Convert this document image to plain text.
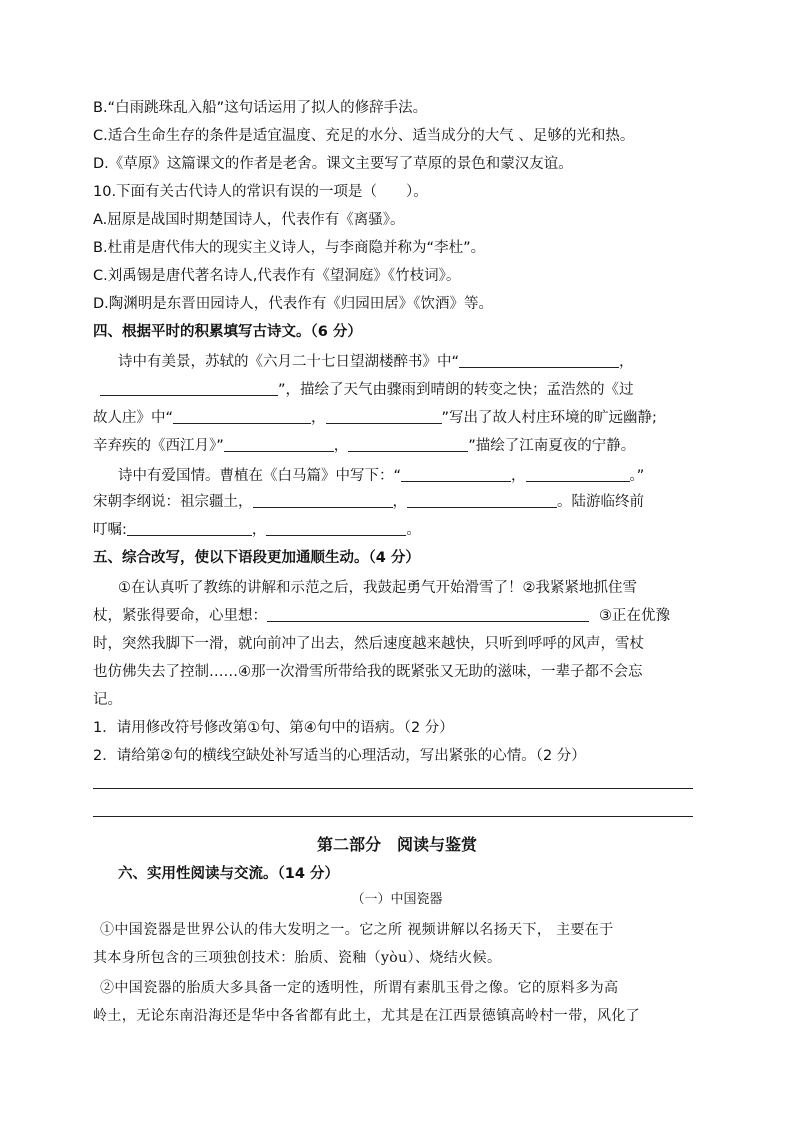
B.“白雨跳珠乱入船”这句话运用了拟人的修辞手法。
C.适合生命生存的条件是适宜温度、充足的水分、适当成分的大气 、足够的光和热。
D.《草原》这篇课文的作者是老舍。课文主要写了草原的景色和蒙汉友谊。
10.下面有关古代诗人的常识有误的一项是（　　）。
A.屈原是战国时期楚国诗人，代表作有《离骚》。
B.杜甫是唐代伟大的现实主义诗人，与李商隐并称为“李杜”。
C.刘禹锡是唐代著名诗人,代表作有《望洞庭》《竹枝词》。
D.陶渊明是东晋田园诗人，代表作有《归园田居》《饮酒》等。
四、根据平时的积累填写古诗文。（6 分）
诗中有美景，苏轼的《六月二十七日望湖楼醉书》中“	，
”，描绘了天气由骤雨到晴朗的转变之快；孟浩然的《过
故人庄》中“	，	”写出了故人村庄环境的旷远幽静;
辛弃疾的《西江月》”	，	”描绘了江南夏夜的宁静。
诗中有爱国情。曹植在《白马篇》中写下：“	，	。”
宋朝李纲说：祖宗疆土，	，	。陆游临终前
叮嘱:	，	。
五、综合改写，使以下语段更加通顺生动。（4 分）
①在认真听了教练的讲解和示范之后，我鼓起勇气开始滑雪了！②我紧紧地抓住雪
杖，紧张得要命，心里想：	③正在优豫
时，突然我脚下一滑，就向前冲了出去，然后速度越来越快，只听到呼呼的风声，雪杖
也仿佛失去了控制……④那一次滑雪所带给我的既紧张又无助的滋味，一辈子都不会忘
记。
1．请用修改符号修改第①句、第④句中的语病。（2 分）
2．请给第②句的横线空缺处补写适当的心理活动，写出紧张的心情。（2 分）
第二部分　阅读与鉴赏
六、实用性阅读与交流。（14 分）
（一）中国瓷器
①中国瓷器是世界公认的伟大发明之一。它之所 视频讲解以名扬天下， 主要在于
其本身所包含的三项独创技术：胎质、瓷釉（yòu）、烧结火候。
②中国瓷器的胎质大多具备一定的透明性，所谓有素肌玉骨之像。它的原料多为高
岭土，无论东南沿海还是华中各省都有此土，尤其是在江西景德镇高岭村一带，风化了
